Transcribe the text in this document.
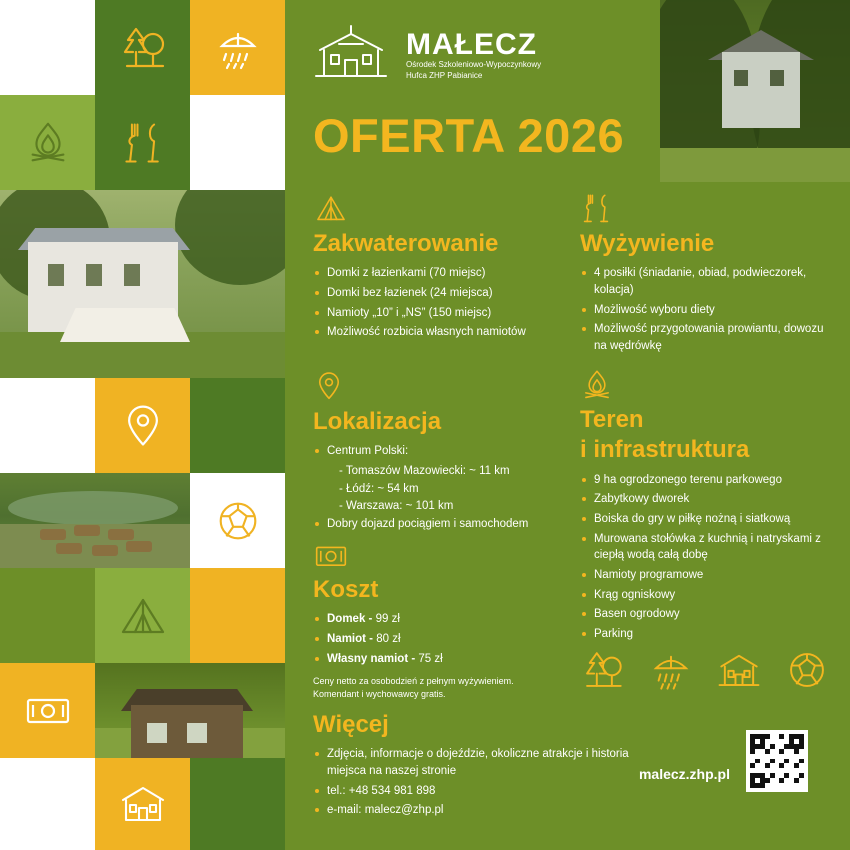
MAŁECZ
Ośrodek Szkoleniowo-Wypoczynkowy
Hufca ZHP Pabianice
OFERTA 2026
Zakwaterowanie
Domki z łazienkami (70 miejsc)
Domki bez łazienek (24 miejsca)
Namioty „10” i „NS” (150 miejsc)
Możliwość rozbicia własnych namiotów
Lokalizacja
Centrum Polski:
- Tomaszów Mazowiecki: ~ 11 km
- Łódź: ~ 54 km
- Warszawa: ~ 101 km
Dobry dojazd pociągiem i samochodem
Koszt
Domek - 99 zł
Namiot - 80 zł
Własny namiot - 75 zł
Ceny netto za osobodzień z pełnym wyżywieniem.
Komendant i wychowawcy gratis.
Więcej
Zdjęcia, informacje o dojeździe, okoliczne atrakcje i historia miejsca na naszej stronie
tel.: +48 534 981 898
e-mail: malecz@zhp.pl
Wyżywienie
4 posiłki (śniadanie, obiad, podwieczorek, kolacja)
Możliwość wyboru diety
Możliwość przygotowania prowiantu, dowozu na wędrówkę
Teren
i infrastruktura
9 ha ogrodzonego terenu parkowego
Zabytkowy dworek
Boiska do gry w piłkę nożną i siatkową
Murowana stołówka z kuchnią i natryskami z ciepłą wodą całą dobę
Namioty programowe
Krąg ogniskowy
Basen ogrodowy
Parking
malecz.zhp.pl
